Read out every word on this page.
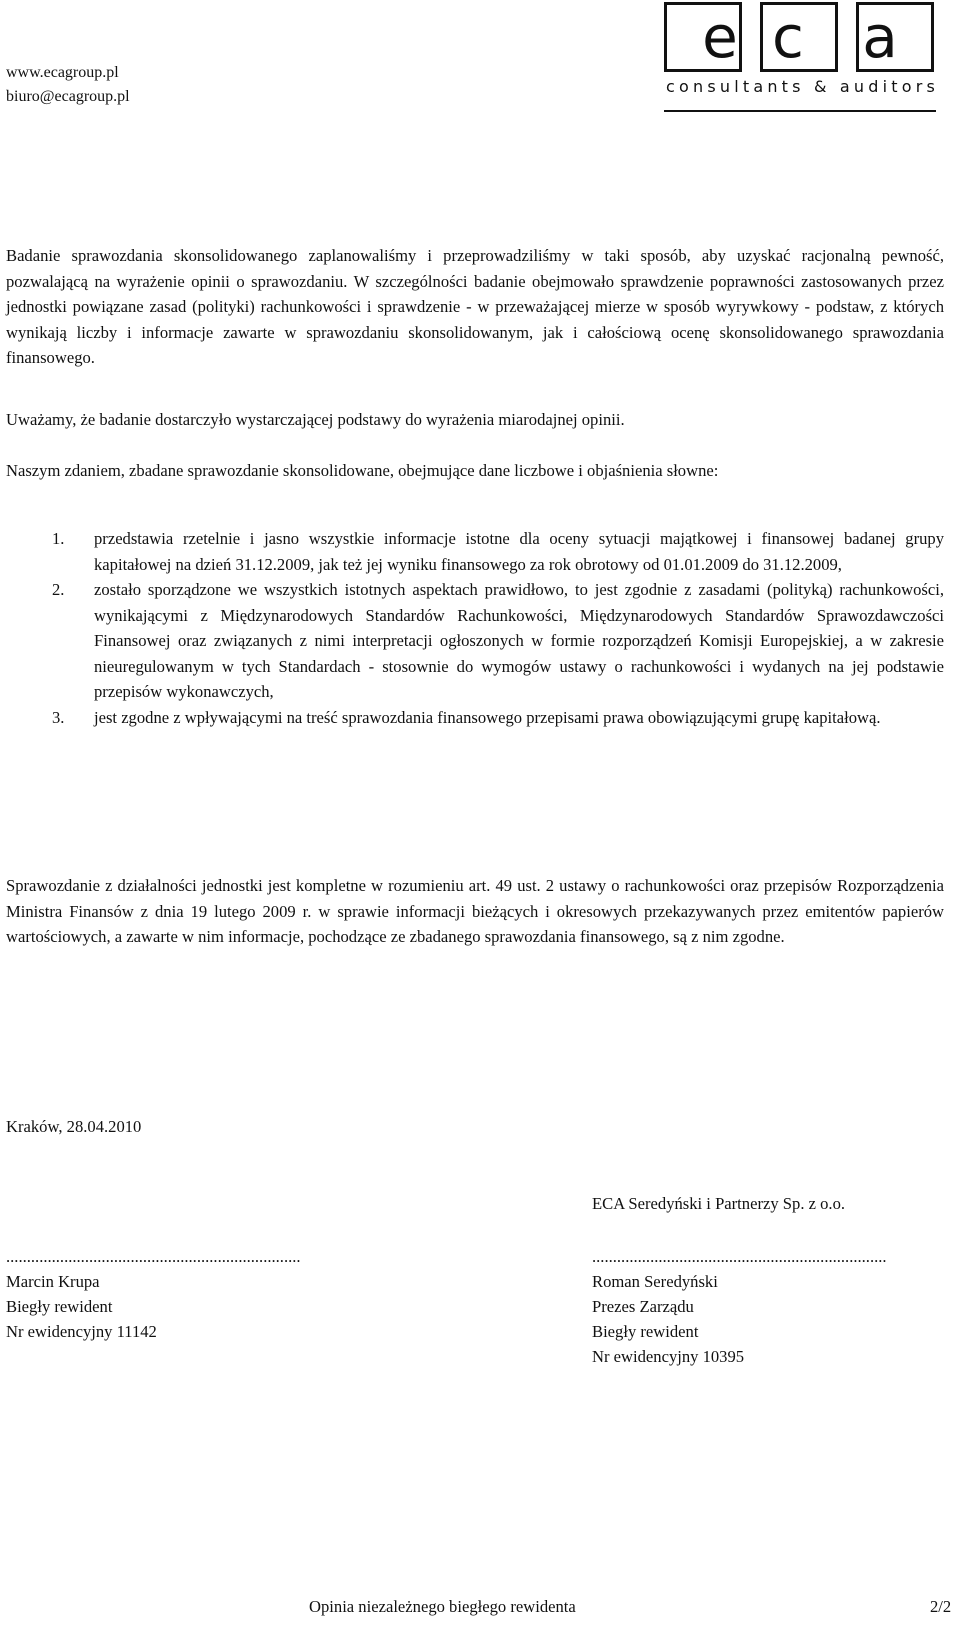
www.ecagroup.pl
biuro@ecagroup.pl
e c a
consultants & auditors
Badanie sprawozdania skonsolidowanego zaplanowaliśmy i przeprowadziliśmy w taki sposób, aby uzyskać racjonalną pewność, pozwalającą na wyrażenie opinii o sprawozdaniu. W szczególności badanie obejmowało sprawdzenie poprawności zastosowanych przez jednostki powiązane zasad (polityki) rachunkowości i sprawdzenie - w przeważającej mierze w sposób wyrywkowy - podstaw, z których wynikają liczby i informacje zawarte w sprawozdaniu skonsolidowanym, jak i całościową ocenę skonsolidowanego sprawozdania finansowego.
Uważamy, że badanie dostarczyło wystarczającej podstawy do wyrażenia miarodajnej opinii.
Naszym zdaniem, zbadane sprawozdanie skonsolidowane, obejmujące dane liczbowe i objaśnienia słowne:
1. przedstawia rzetelnie i jasno wszystkie informacje istotne dla oceny sytuacji majątkowej i finansowej badanej grupy kapitałowej na dzień 31.12.2009, jak też jej wyniku finansowego za rok obrotowy od 01.01.2009 do 31.12.2009,
2. zostało sporządzone we wszystkich istotnych aspektach prawidłowo, to jest zgodnie z zasadami (polityką) rachunkowości, wynikającymi z Międzynarodowych Standardów Rachunkowości, Międzynarodowych Standardów Sprawozdawczości Finansowej oraz związanych z nimi interpretacji ogłoszonych w formie rozporządzeń Komisji Europejskiej, a w zakresie nieuregulowanym w tych Standardach - stosownie do wymogów ustawy o rachunkowości i wydanych na jej podstawie przepisów wykonawczych,
3. jest zgodne z wpływającymi na treść sprawozdania finansowego przepisami prawa obowiązującymi grupę kapitałową.
Sprawozdanie z działalności jednostki jest kompletne w rozumieniu art. 49 ust. 2 ustawy o rachunkowości oraz przepisów Rozporządzenia Ministra Finansów z dnia 19 lutego 2009 r. w sprawie informacji bieżących i okresowych przekazywanych przez emitentów papierów wartościowych, a zawarte w nim informacje, pochodzące ze zbadanego sprawozdania finansowego, są z nim zgodne.
Kraków, 28.04.2010
ECA Seredyński i Partnerzy Sp. z o.o.
.......................................................................
Marcin Krupa
Biegły rewident
Nr ewidencyjny 11142
.......................................................................
Roman Seredyński
Prezes Zarządu
Biegły rewident
Nr ewidencyjny 10395
Opinia niezależnego biegłego rewidenta	2/2
